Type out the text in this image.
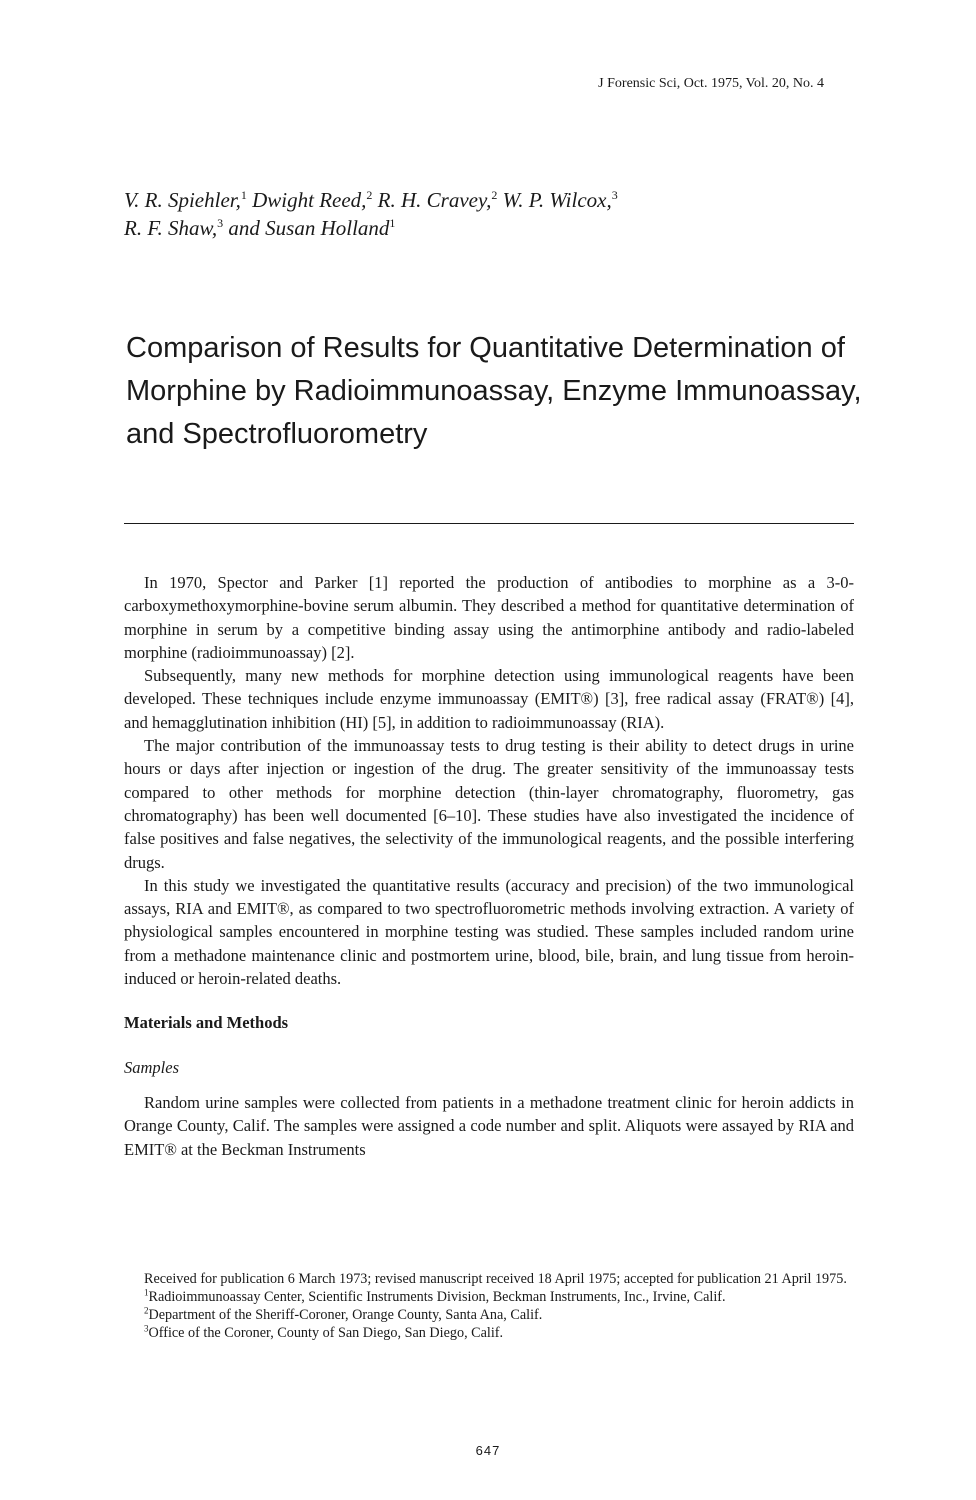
J Forensic Sci, Oct. 1975, Vol. 20, No. 4

V. R. Spiehler,$^1$ Dwight Reed,$^2$ R. H. Cravey,$^2$ W. P. Wilcox,$^3$

R. F. Shaw,$^3$ and Susan Holland$^1$

Comparison of Results for Quantitative Determination of Morphine by Radioimmunoassay, Enzyme Immunoassay, and Spectrofluorometry

In 1970, Spector and Parker [1] reported the production of antibodies to morphine as a 3-0-carboxymethoxymorphine-bovine serum albumin. They described a method for quantitative determination of morphine in serum by a competitive binding assay using the antimorphine antibody and radio-labeled morphine (radioimmunoassay) [2].

Subsequently, many new methods for morphine detection using immunological reagents have been developed. These techniques include enzyme immunoassay (EMIT®) [3], free radical assay (FRAT®) [4], and hemagglutination inhibition (HI) [5], in addition to radioimmunoassay (RIA).

The major contribution of the immunoassay tests to drug testing is their ability to detect drugs in urine hours or days after injection or ingestion of the drug. The greater sensitivity of the immunoassay tests compared to other methods for morphine detection (thin-layer chromatography, fluorometry, gas chromatography) has been well documented [6–10]. These studies have also investigated the incidence of false positives and false negatives, the selectivity of the immunological reagents, and the possible interfering drugs.

In this study we investigated the quantitative results (accuracy and precision) of the two immunological assays, RIA and EMIT®, as compared to two spectrofluorometric methods involving extraction. A variety of physiological samples encountered in morphine testing was studied. These samples included random urine from a methadone maintenance clinic and postmortem urine, blood, bile, brain, and lung tissue from heroin-induced or heroin-related deaths.

Materials and Methods
Samples

Random urine samples were collected from patients in a methadone treatment clinic for heroin addicts in Orange County, Calif. The samples were assigned a code number and split. Aliquots were assayed by RIA and EMIT® at the Beckman Instruments

Received for publication 6 March 1973; revised manuscript received 18 April 1975; accepted for publication 21 April 1975.

$^1$Radioimmunoassay Center, Scientific Instruments Division, Beckman Instruments, Inc., Irvine, Calif.

$^2$Department of the Sheriff-Coroner, Orange County, Santa Ana, Calif.

$^3$Office of the Coroner, County of San Diego, San Diego, Calif.

647
